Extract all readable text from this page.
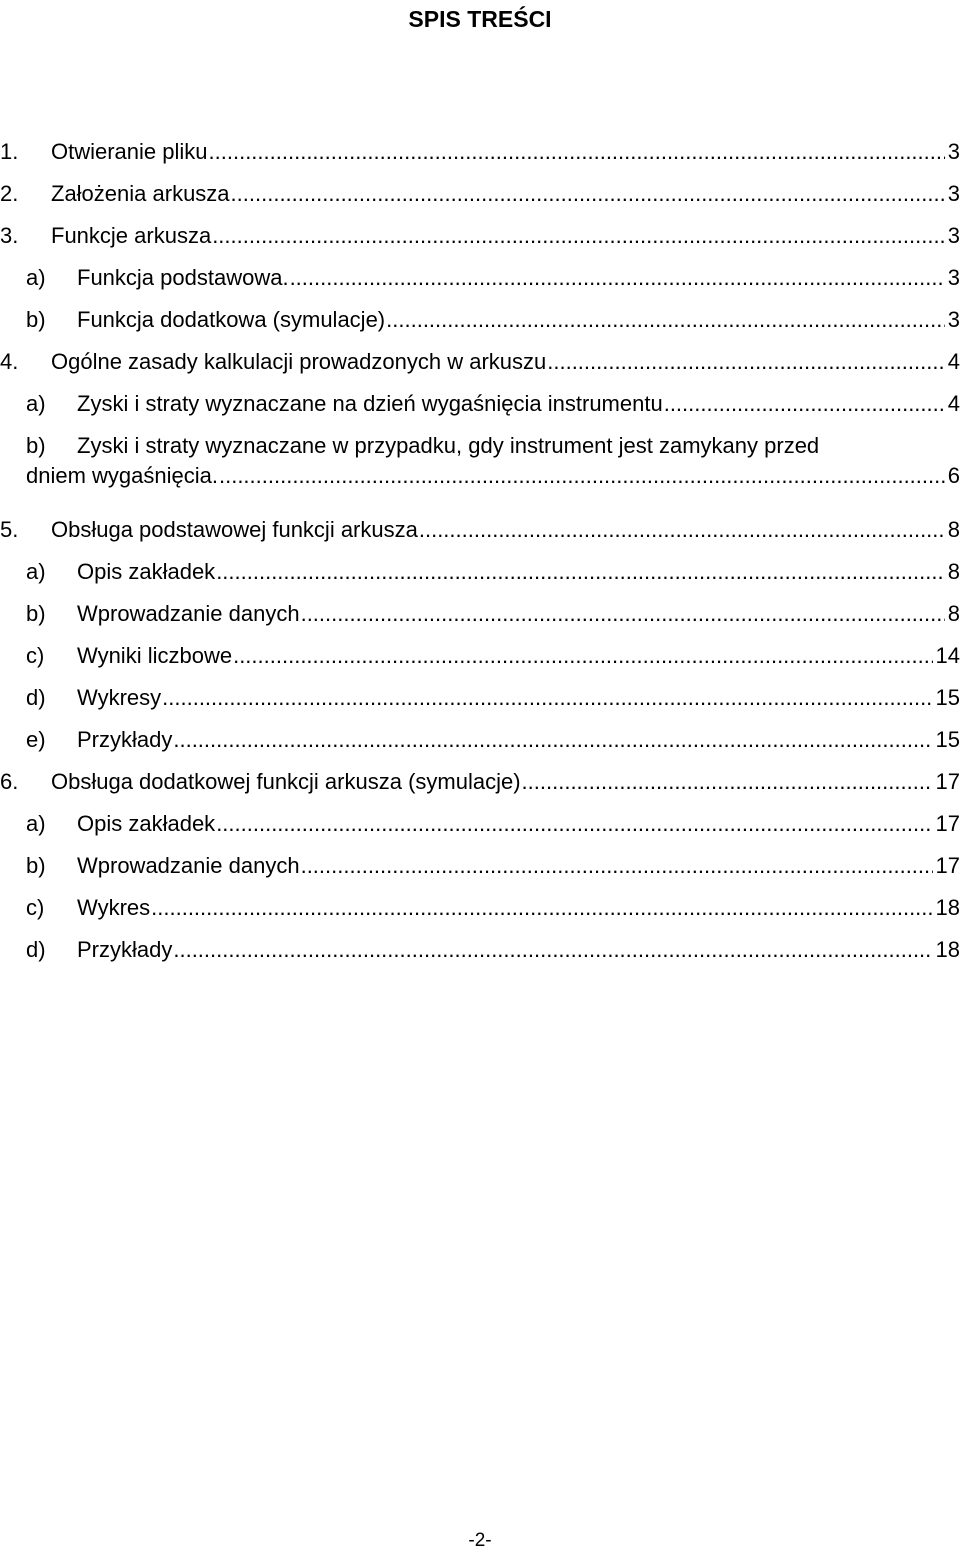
SPIS TREŚCI
1. Otwieranie pliku .....	3
2. Założenia arkusza .....	3
3. Funkcje arkusza .....	3
a) Funkcja podstawowa. .....	3
b) Funkcja dodatkowa (symulacje) .....	3
4. Ogólne zasady kalkulacji prowadzonych w arkuszu .....	4
a) Zyski i straty wyznaczane na dzień wygaśnięcia instrumentu .....	4
b) Zyski i straty wyznaczane w przypadku, gdy instrument jest zamykany przed
dniem wygaśnięcia. .....	6
5. Obsługa podstawowej funkcji arkusza .....	8
a) Opis zakładek .....	8
b) Wprowadzanie danych .....	8
c) Wyniki liczbowe .....	14
d) Wykresy .....	15
e) Przykłady .....	15
6. Obsługa dodatkowej funkcji arkusza (symulacje) .....	17
a) Opis zakładek .....	17
b) Wprowadzanie danych .....	17
c) Wykres .....	18
d) Przykłady .....	18
-2-
